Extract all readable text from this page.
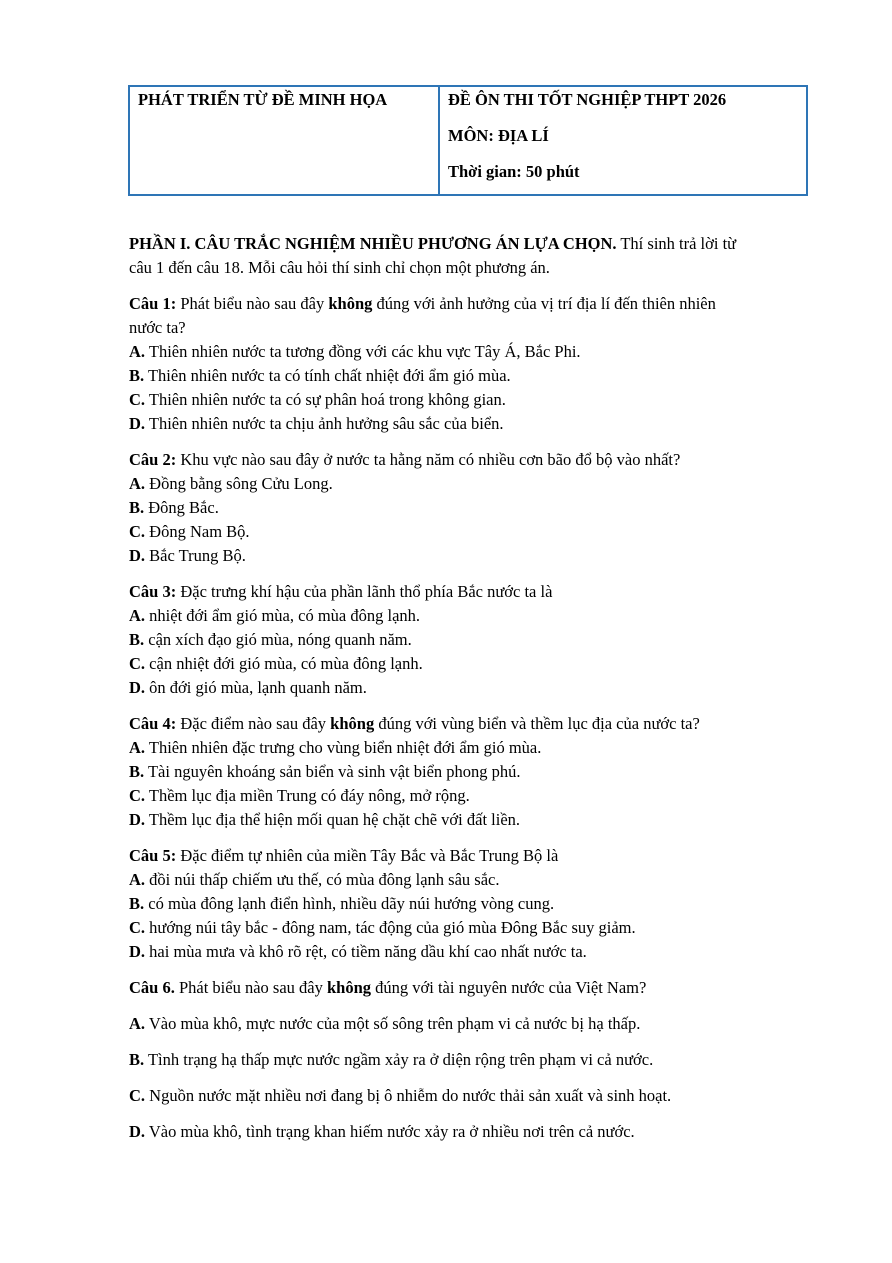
PHÁT TRIỂN TỪ ĐỀ MINH HỌA	ĐỀ ÔN THI TỐT NGHIỆP THPT 2026
MÔN: ĐỊA LÍ
Thời gian: 50 phút

PHẦN I. CÂU TRẮC NGHIỆM NHIỀU PHƯƠNG ÁN LỰA CHỌN. Thí sinh trả lời từ

câu 1 đến câu 18. Mỗi câu hỏi thí sinh chỉ chọn một phương án.

Câu 1: Phát biểu nào sau đây không đúng với ảnh hưởng của vị trí địa lí đến thiên nhiên

nước ta?

A. Thiên nhiên nước ta tương đồng với các khu vực Tây Á, Bắc Phi.

B. Thiên nhiên nước ta có tính chất nhiệt đới ẩm gió mùa.

C. Thiên nhiên nước ta có sự phân hoá trong không gian.

D. Thiên nhiên nước ta chịu ảnh hưởng sâu sắc của biển.

Câu 2: Khu vực nào sau đây ở nước ta hằng năm có nhiều cơn bão đổ bộ vào nhất?

A. Đồng bằng sông Cửu Long.

B. Đông Bắc.

C. Đông Nam Bộ.

D. Bắc Trung Bộ.

Câu 3: Đặc trưng khí hậu của phần lãnh thổ phía Bắc nước ta là

A. nhiệt đới ẩm gió mùa, có mùa đông lạnh.

B. cận xích đạo gió mùa, nóng quanh năm.

C. cận nhiệt đới gió mùa, có mùa đông lạnh.

D. ôn đới gió mùa, lạnh quanh năm.

Câu 4: Đặc điểm nào sau đây không đúng với vùng biển và thềm lục địa của nước ta?

A. Thiên nhiên đặc trưng cho vùng biển nhiệt đới ẩm gió mùa.

B. Tài nguyên khoáng sản biển và sinh vật biển phong phú.

C. Thềm lục địa miền Trung có đáy nông, mở rộng.

D. Thềm lục địa thể hiện mối quan hệ chặt chẽ với đất liền.

Câu 5: Đặc điểm tự nhiên của miền Tây Bắc và Bắc Trung Bộ là

A. đồi núi thấp chiếm ưu thế, có mùa đông lạnh sâu sắc.

B. có mùa đông lạnh điển hình, nhiều dãy núi hướng vòng cung.

C. hướng núi tây bắc - đông nam, tác động của gió mùa Đông Bắc suy giảm.

D. hai mùa mưa và khô rõ rệt, có tiềm năng dầu khí cao nhất nước ta.

Câu 6. Phát biểu nào sau đây không đúng với tài nguyên nước của Việt Nam?

A. Vào mùa khô, mực nước của một số sông trên phạm vi cả nước bị hạ thấp.
B. Tình trạng hạ thấp mực nước ngầm xảy ra ở diện rộng trên phạm vi cả nước.
C. Nguồn nước mặt nhiều nơi đang bị ô nhiễm do nước thải sản xuất và sinh hoạt.
D. Vào mùa khô, tình trạng khan hiếm nước xảy ra ở nhiều nơi trên cả nước.
